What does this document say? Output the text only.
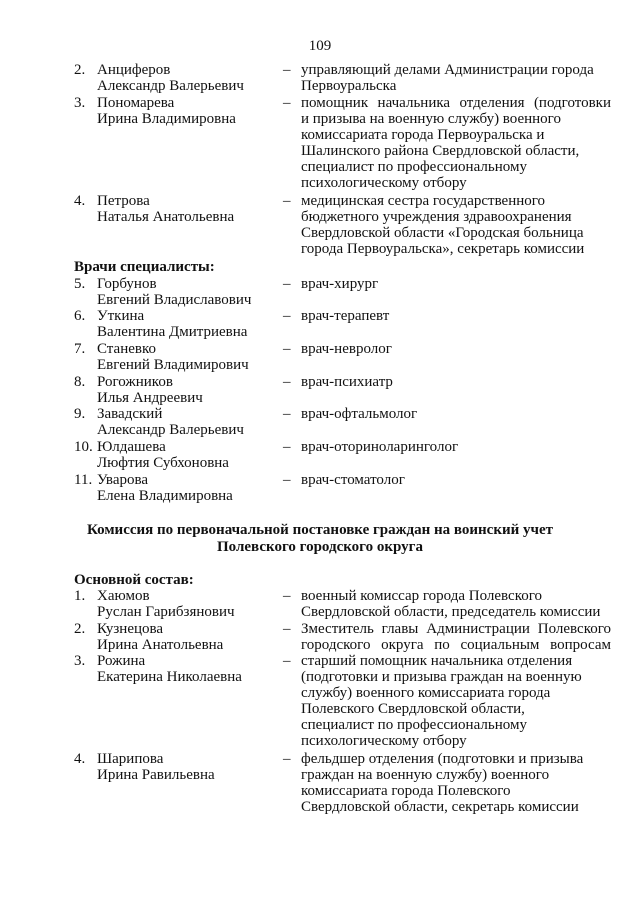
109
2. Анциферов
Александр Валерьевич
– управляющий делами Администрации города
Первоуральска
3. Пономарева
Ирина Владимировна
– помощник начальника отделения (подготовки
и призыва на военную службу) военного
комиссариата города Первоуральска и
Шалинского района Свердловской области,
специалист по профессиональному
психологическому отбору
4. Петрова
Наталья Анатольевна
– медицинская сестра государственного
бюджетного учреждения здравоохранения
Свердловской области «Городская больница
города Первоуральска», секретарь комиссии
Врачи специалисты:
5. Горбунов
Евгений Владиславович
– врач-хирург
6. Уткина
Валентина Дмитриевна
– врач-терапевт
7. Станевко
Евгений Владимирович
– врач-невролог
8. Рогожников
Илья Андреевич
– врач-психиатр
9. Завадский
Александр Валерьевич
– врач-офтальмолог
10. Юлдашева
Люфтия Субхоновна
– врач-оториноларинголог
11. Уварова
Елена Владимировна
– врач-стоматолог
Комиссия по первоначальной постановке граждан на воинский учет
Полевского городского округа
Основной состав:
1. Хаюмов
Руслан Гарибзянович
– военный комиссар города Полевского
Свердловской области, председатель комиссии
2. Кузнецова
Ирина Анатольевна
– Зместитель главы Администрации Полевского
городского округа по социальным вопросам
3. Рожина
Екатерина Николаевна
– старший помощник начальника отделения
(подготовки и призыва граждан на военную
службу) военного комиссариата города
Полевского Свердловской области,
специалист по профессиональному
психологическому отбору
4. Шарипова
Ирина Равильевна
– фельдшер отделения (подготовки и призыва
граждан на военную службу) военного
комиссариата города Полевского
Свердловской области, секретарь комиссии
